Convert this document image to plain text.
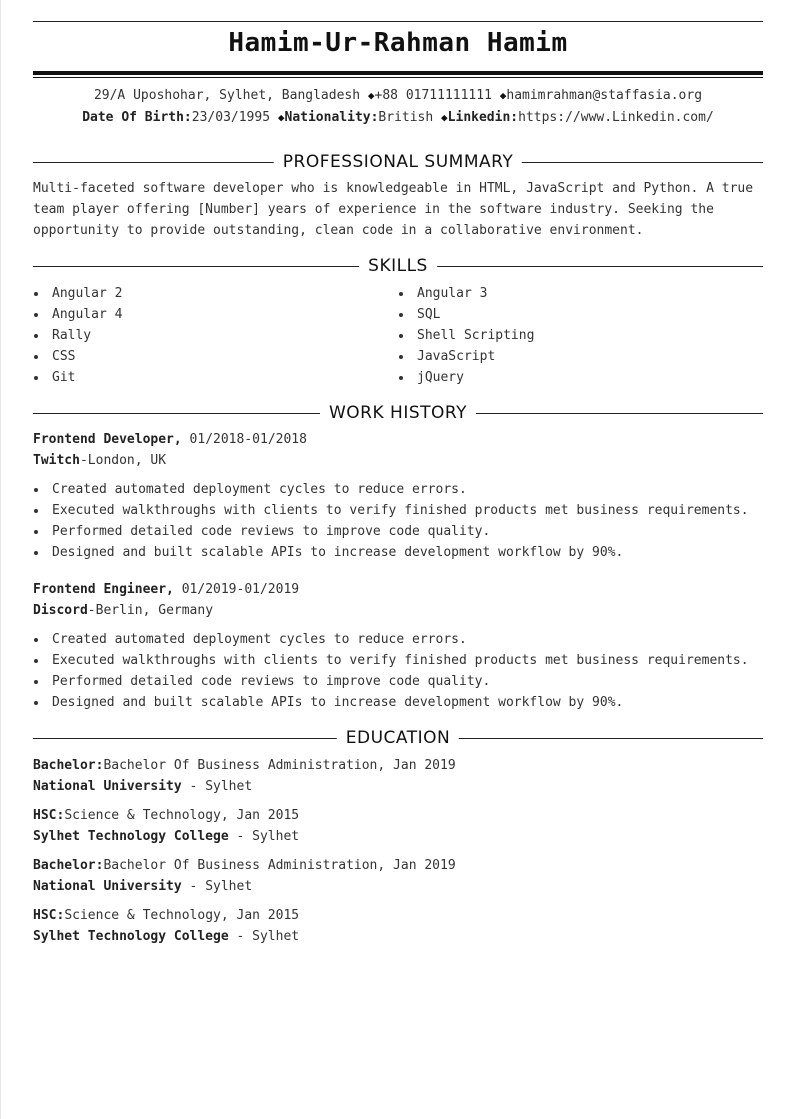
Hamim-Ur-Rahman Hamim
29/A Uposhohar, Sylhet, Bangladesh ◆+88 01711111111 ◆hamimrahman@staffasia.org
Date Of Birth:23/03/1995 ◆Nationality:British ◆Linkedin:https://www.Linkedin.com/
PROFESSIONAL SUMMARY
Multi-faceted software developer who is knowledgeable in HTML, JavaScript and Python. A true
team player offering [Number] years of experience in the software industry. Seeking the
opportunity to provide outstanding, clean code in a collaborative environment.
SKILLS
Angular 2
Angular 4
Rally
CSS
Git
Angular 3
SQL
Shell Scripting
JavaScript
jQuery
WORK HISTORY
Frontend Developer, 01/2018-01/2018
Twitch-London, UK
Created automated deployment cycles to reduce errors.
Executed walkthroughs with clients to verify finished products met business requirements.
Performed detailed code reviews to improve code quality.
Designed and built scalable APIs to increase development workflow by 90%.
Frontend Engineer, 01/2019-01/2019
Discord-Berlin, Germany
Created automated deployment cycles to reduce errors.
Executed walkthroughs with clients to verify finished products met business requirements.
Performed detailed code reviews to improve code quality.
Designed and built scalable APIs to increase development workflow by 90%.
EDUCATION
Bachelor:Bachelor Of Business Administration, Jan 2019
National University - Sylhet
HSC:Science & Technology, Jan 2015
Sylhet Technology College - Sylhet
Bachelor:Bachelor Of Business Administration, Jan 2019
National University - Sylhet
HSC:Science & Technology, Jan 2015
Sylhet Technology College - Sylhet
